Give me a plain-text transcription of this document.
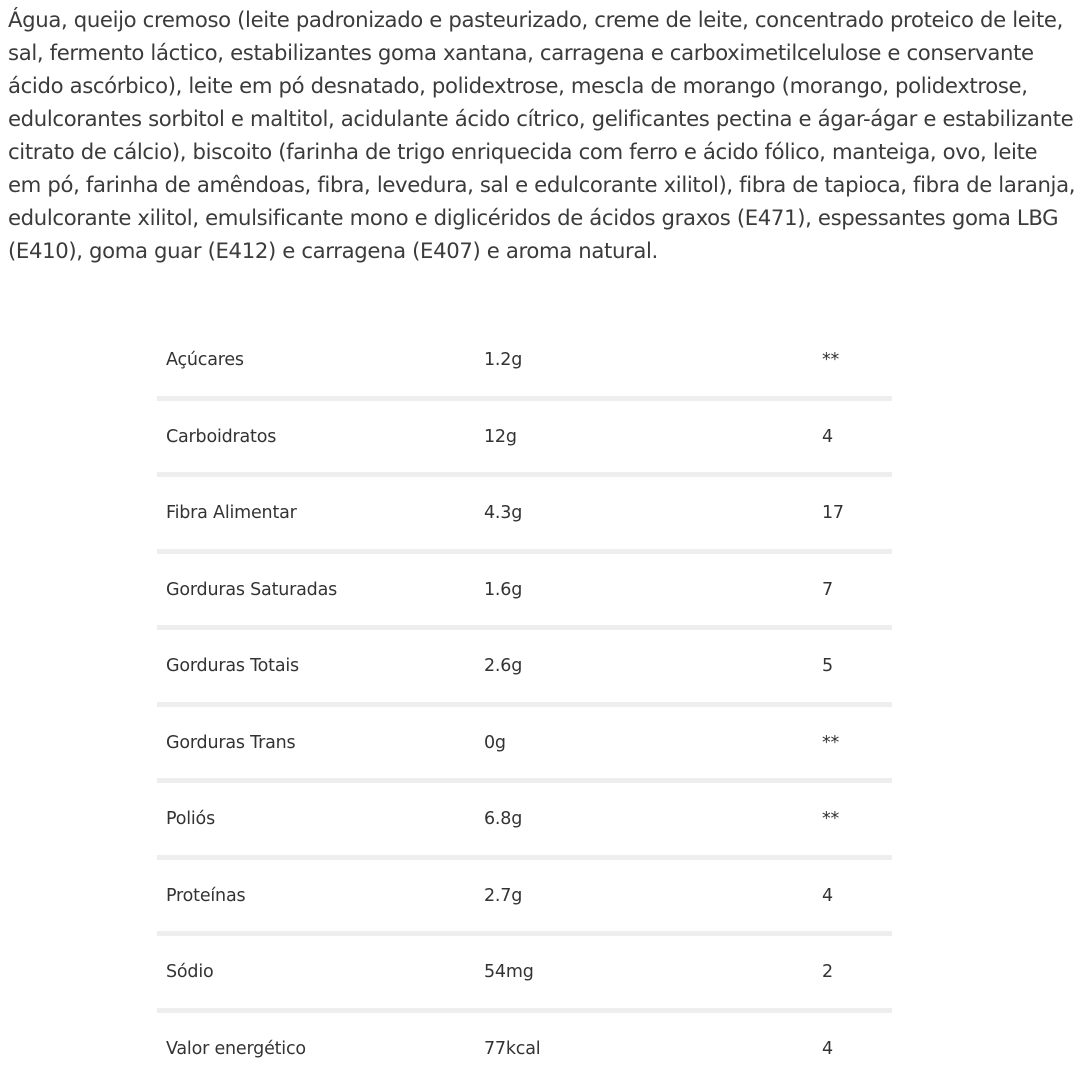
Água, queijo cremoso (leite padronizado e pasteurizado, creme de leite, concentrado proteico de leite, sal, fermento láctico, estabilizantes goma xantana, carragena e carboximetilcelulose e conservante ácido ascórbico), leite em pó desnatado, polidextrose, mescla de morango (morango, polidextrose, edulcorantes sorbitol e maltitol, acidulante ácido cítrico, gelificantes pectina e ágar-ágar e estabilizante citrato de cálcio), biscoito (farinha de trigo enriquecida com ferro e ácido fólico, manteiga, ovo, leite em pó, farinha de amêndoas, fibra, levedura, sal e edulcorante xilitol), fibra de tapioca, fibra de laranja, edulcorante xilitol, emulsificante mono e diglicéridos de ácidos graxos (E471), espessantes goma LBG (E410), goma guar (E412) e carragena (E407) e aroma natural.

Açúcares	1.2g	**
Carboidratos	12g	4
Fibra Alimentar	4.3g	17
Gorduras Saturadas	1.6g	7
Gorduras Totais	2.6g	5
Gorduras Trans	0g	**
Poliós	6.8g	**
Proteínas	2.7g	4
Sódio	54mg	2
Valor energético	77kcal	4
